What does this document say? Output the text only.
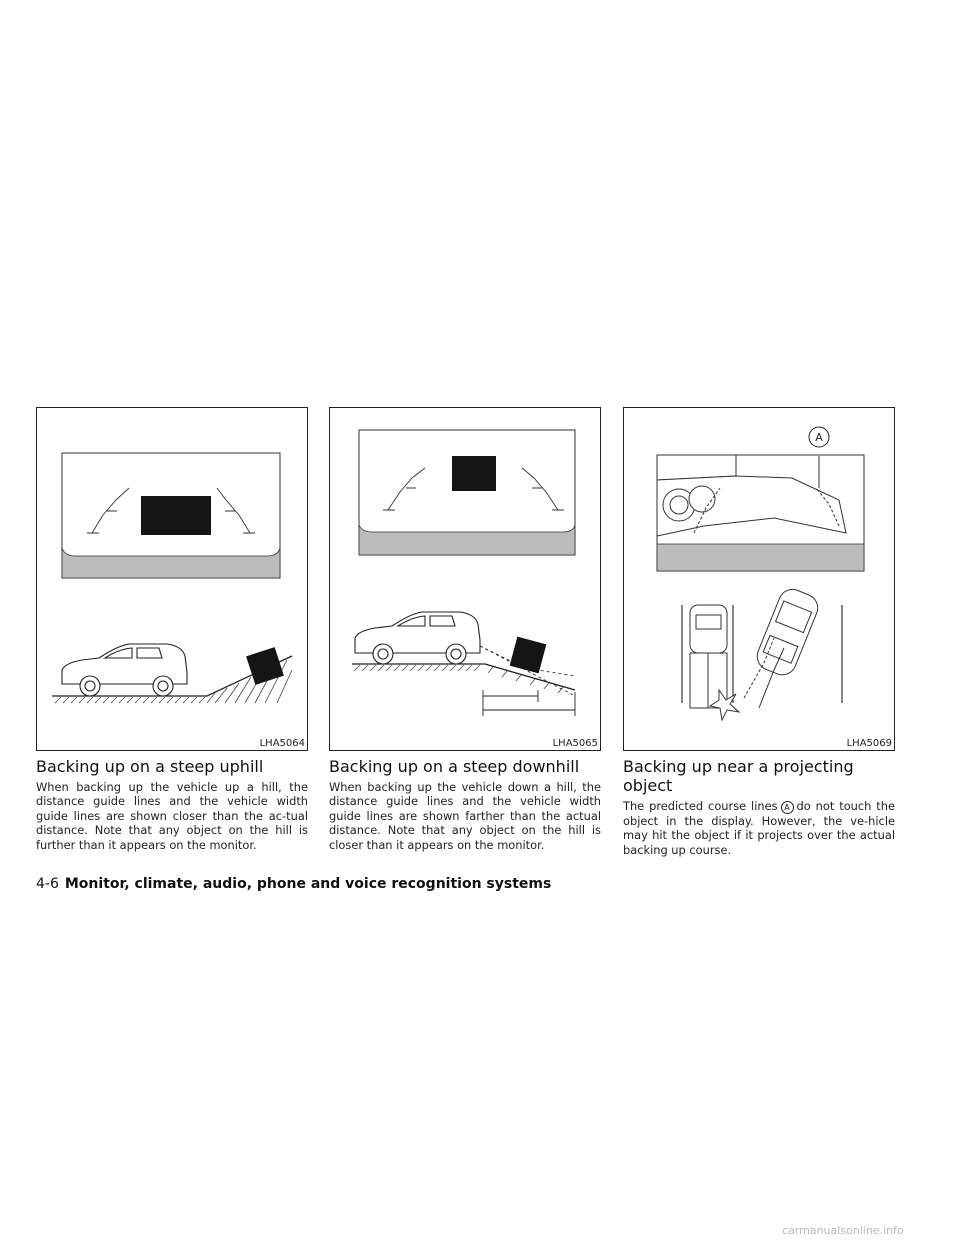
LHA5064
Backing up on a steep uphill

When backing up the vehicle up a hill, the distance guide lines and the vehicle width guide lines are shown closer than the ac-tual distance. Note that any object on the hill is further than it appears on the monitor.

LHA5065
Backing up on a steep downhill

When backing up the vehicle down a hill, the distance guide lines and the vehicle width guide lines are shown farther than the actual distance. Note that any object on the hill is closer than it appears on the monitor.

A
LHA5069
Backing up near a projecting object

The predicted course lines A do not touch the object in the display. However, the ve-hicle may hit the object if it projects over the actual backing up course.

4-6 Monitor, climate, audio, phone and voice recognition systems
carmanualsonline.info
